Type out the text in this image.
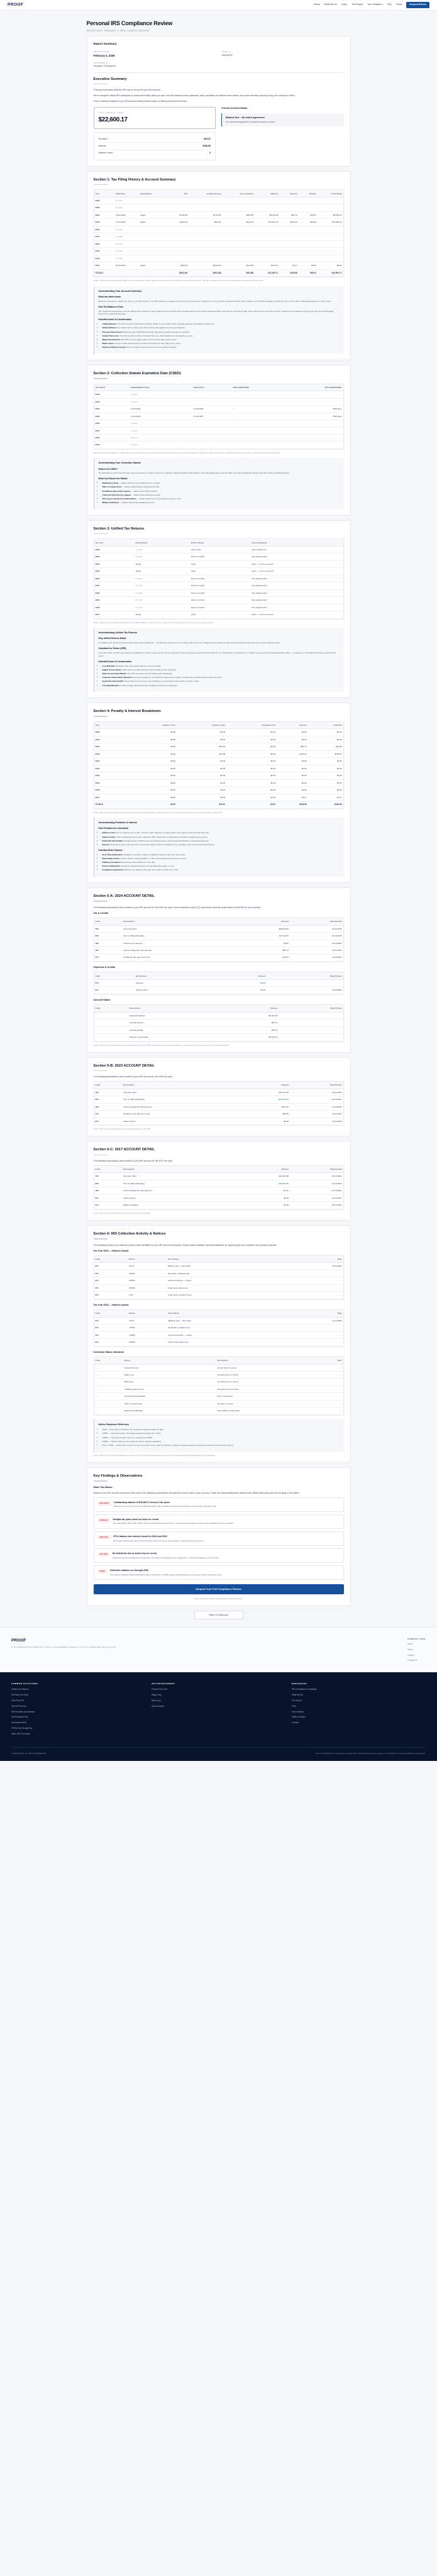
PROOF	About What We Do Learn The Report Your Situation ▾	FAQ Press	Request Review
Personal IRS Compliance Review
REPORT DATE: FEBRUARY 4, 2026 • CASE ID: 05094PDF
Report Summary
REPORT DATE
February 4, 2026
CASE ID
05094PDF
PREPARED BY
Taxpayer Compliance
Executive Summary
This report presents what the IRS has on record for your tax account.
We've analyzed official IRS transcripts to document exactly what you owe, how the balances were assessed, when penalties and interest were added, and what collection actions (if any) are currently in effect.
This is a factual analysis of your IRS account status based solely on official government records.
TOTAL AMOUNT OWED
$22,600.17
Penalties:	$94.02
Interest:	$155.56
Affected Years:	3
Current Account Status
Balance Due – No Active Agreement
No current arrangement or collection status on record.
Section 1: Tax Filing History & Account Summary
Year	Filed Date	Filing Status	AGI	Taxable Income	Tax per Return	Balance	Interest	Penalty	Total Owed
2026	No data								
2025	No data								
2024	12-09-2025	Single	$135,590	$175,231	$28,543	$9,424.05	$53.74	$40.34	$9,518.13
2023	11-04-2025	Single	$118,941	$89,742	$22,914	$12,897.75	$101.82	$53.68	$13,082.18
2022	No data								
2021	No data								
2020	No data								
2019	No data								
2018	No data								
2017	02-15-2021	Single	$89,570	$106,470	$21,253	$751.14	$1.27	$0.00	$0.00
TOTALS			$363,402	$462,188	$80,286	$22,350.17	$155.56	$94.02	$22,600.17
Source: IRS Account Transcripts and Wage & Income Transcripts. Figures reflect amounts posted to your IRS account as of the report date. "No data" indicates no return or transcript activity was located for that tax year.
Understanding Your Account Summary
What this table shows

Each row represents a single tax year on your IRS account. The IRS maintains a separate account for every tax period. A balance in one year does not affect another year's balance, but the IRS will apply refunds from any year to offset outstanding balances in other years.

How Tax Balances Grow

The original tax assessed is only the starting point. Failure-to-pay penalties accrue at 0.5% of the unpaid balance each month (capped at 25%), and interest compounds daily at the federal short-term rate plus 3%. A balance left unpaid for several years can grow substantially beyond the original assessment.

Potential Areas of Consideration
• Unfiled Returns: The IRS may file a Substitute for Return (SFR) on your behalf, which typically assesses the highest possible tax.
• Refund Offsets: Any refund due in a later year will be seized and applied to prior-year balances.
• Passport Restrictions: Balances above $62,000 (indexed) may lead to passport denial or revocation.
• Federal Tax Liens: The IRS may file a Notice of Federal Tax Lien, which attaches to all property you own.
• Wage Garnishment: The IRS can levy wages without a court order after proper notice.
• Bank Levies: Funds in bank accounts can be frozen and seized 21 days after a levy notice.
• Business Bank Accounts: IRS can target business accounts for immediate collection.
Section 2: Collection Statute Expiration Date (CSED)
TAX YEAR	ASSESSMENT DATE	CSED DATE	TIME REMAINING	DAYS REMAINING
2026	No data			
2025	No data			
2024	12-09-2025	12-09-2035	–	3594 days
2023	11-04-2025	11-04-2035	–	3559 days
2022	No data			
2021	No data			
2020	Expired			
2019	No data			
Source: IRS Account Transcripts. CSED dates are computed as ten years from the date of assessment and may be extended (tolled) by bankruptcy, offers in compromise, installment agreement requests, or periods outside the United States.
Understanding Your Collection Statute
What is the CSED?

The IRS has ten years from the date a tax is assessed to collect it. Once the Collection Statute Expiration Date passes, the debt legally expires and the IRS must stop all collection activity and write off the remaining balance.

What Can Extend the Statute
• Bankruptcy filing — statute tolled for the duration plus six months.
• Offer in Compromise — statute tolled while pending plus 30 days.
• Installment agreement request — statute tolled while pending.
• Collection Due Process appeal — statute tolled during the appeal.
• Time spent outside the United States — statute tolled for six consecutive months or more.
• Military deferment — statute tolled during qualifying service.
Section 3: Unfiled Tax Returns
Tax Year	Filing Status	Return Status	Action Required
2026	No data	Not yet due	None at this time
2025	No data	Return not filed	File original return
2024	Single	Filed	None — return on record
2023	Single	Filed	None — return on record
2022	No data	Return not filed	File original return
2021	No data	Return not filed	File original return
2020	No data	Return not filed	File original return
2019	No data	Return not filed	File original return
2018	No data	Return not filed	File original return
2017	Single	Filed	None — return on record
Source: IRS Account and Return Transcripts. A year marked "Return not filed" means no original return has posted to your IRS account for that tax period.
Understanding Unfiled Tax Returns
Why Unfiled Returns Matter

An unfiled return keeps the assessment statute open indefinitely — the IRS can assess tax for an unfiled year at any time. Filing the return starts the three-year assessment clock and the ten-year collection clock.

Substitute for Return (SFR)

If you do not file, the IRS may prepare a Substitute for Return using only the income reported to them by employers and financial institutions. An SFR grants no deductions, no credits, and uses the least favorable filing status — producing a much higher tax than a properly filed return.

Potential Areas of Consideration
• Lost Refunds: Refunds expire three years after the return due date.
• Higher Assessments: SFR returns exclude deductions and credits you are entitled to.
• Open Assessment Statute: The IRS can assess tax for unfiled years indefinitely.
• Collection Alternatives Blocked: You cannot qualify for an installment agreement or offer in compromise until all required returns are filed.
• Social Security Credits: Self-employment income is not credited to your earnings record unless a return is filed.
• Loan Qualification: Lenders require filed returns for mortgage and business financing.
Section 4: Penalty & Interest Breakdown
Year	Failure to File	Failure to Pay	Estimated Tax	Interest	Total P&I
2026	$0.00	$0.00	$0.00	$0.00	$0.00
2025	$0.00	$0.00	$0.00	$0.00	$0.00
2024	$0.00	$40.34	$0.00	$53.74	$94.08
2023	$0.00	$53.68	$0.00	$101.82	$155.50
2022	$0.00	$0.00	$0.00	$0.00	$0.00
2021	$0.00	$0.00	$0.00	$0.00	$0.00
2020	$0.00	$0.00	$0.00	$0.00	$0.00
2019	$0.00	$0.00	$0.00	$0.00	$0.00
2018	$0.00	$0.00	$0.00	$0.00	$0.00
2017	$0.00	$0.00	$0.00	$1.27	$1.27
TOTALS	$0.00	$94.02	$0.00	$155.56	$249.58
Source: IRS Account Transcripts. Penalty and interest amounts reflect transaction codes posted to your account and continue to accrue until the balance is paid in full.
Understanding Penalties & Interest
How Penalties Are Calculated
• Failure to File: 5% of unpaid tax per month, maximum 25%. Minimum penalty applies if the return is more than 60 days late.
• Failure to Pay: 0.5% of unpaid tax per month, maximum 25%. Reduced to 0.25% while an installment agreement is active.
• Estimated Tax Penalty: Charged when insufficient tax was paid during the year through withholding or estimated payments.
• Interest: Federal short-term rate plus 3%, compounded daily. Interest is charged on tax, penalties, and previously accrued interest.
Potential Relief Options
• First-Time Abatement: Available if you have a clean compliance history for the prior three years.
• Reasonable Cause: Serious illness, natural disaster, or other circumstances beyond your control.
• Statutory Exception: Erroneous written advice from the IRS.
• Interest Abatement: Limited to interest caused by unreasonable IRS delay or error.
• Installment Agreement: Reduces the failure-to-pay rate from 0.5% to 0.25% per month.
Section 5-A: 2024 ACCOUNT DETAIL
The following transactions were posted to your IRS account for the 2024 tax year. Each transaction code (TC) represents a specific action taken by the IRS on your account.
Tax & Credits
Code	Description	Amount	Date Posted
150	Tax return filed	$28,543.00	12-09-2025
806	W-2 or 1099 withholding	-$19,118.95	04-15-2025
766	Credit to your account	-$0.00	04-15-2025
196	Interest charged for late payment	$53.74	12-29-2025
276	Penalty for late payment of tax	$40.34	12-29-2025
Payments & Credits
Code	Description	Amount	Date Posted
670	Payment	-$0.00	—
971	Notice issued	$0.00	12-29-2025
Account Status
Code	Description	Amount	Date Posted
	Assessed balance	$9,424.05	
	Accrued interest	$53.74	
	Accrued penalty	$40.34	
	Total as of report date	$9,518.13	
Source: IRS Account Transcript for tax period ending December 31, 2024. Transaction codes and posting dates are reproduced exactly as they appear on the official transcript.
Section 5-B: 2023 ACCOUNT DETAIL
The following transactions were posted to your IRS account for the 2023 tax year.
Code	Description	Amount	Date Posted
150	Tax return filed	$22,914.00	11-04-2025
806	W-2 or 1099 withholding	-$10,016.25	04-15-2024
196	Interest charged for late payment	$101.82	11-24-2025
276	Penalty for late payment of tax	$53.68	11-24-2025
971	Notice issued	$0.00	11-24-2025
Source: IRS Account Transcript for tax period ending December 31, 2023.
Section 5-C: 2017 ACCOUNT DETAIL
The following transactions were posted to your IRS account for the 2017 tax year.
Code	Description	Amount	Date Posted
150	Tax return filed	$21,253.00	02-15-2021
806	W-2 or 1099 withholding	-$20,501.86	04-15-2018
196	Interest charged for late payment	$1.27	03-15-2021
971	Notice issued	$0.00	03-15-2021
971	Balance satisfied	$0.00	05-10-2021
Source: IRS Account Transcript for tax period ending December 31, 2017.
Section 6: IRS Collection Activity & Notices
The following notices and collection actions were identified on your IRS account transcripts. Notice dates establish important deadlines for appeal rights and collection due process requests.
Tax Year 2024 — Notices Issued
Code	Notice	Description	Date
971	CP14	Balance due — first notice	12-29-2025
971	CP501	Reminder of balance due	—
971	CP503	Second reminder — urgent	—
971	CP504	Final notice before levy	—
971	LT11	Final notice of intent to levy	—
Tax Year 2023 — Notices Issued
Code	Notice	Description	Date
971	CP14	Balance due — first notice	11-24-2025
971	CP501	Reminder of balance due	—
971	CP503	Second reminder — urgent	—
971	CP504	Final notice before levy	—
Collection Status Indicators
Code	Notice	Description	Date
—	Federal Tax Lien	No lien filed on record	—
—	Wage Levy	No active levy on record	—
—	Bank Levy	No active levy on record	—
—	Installment Agreement	No agreement on record	—
—	Currently Not Collectible	Not in CNC status	—
—	Offer in Compromise	No offer on record	—
—	Passport Certification	Not certified to State Dept.	—
Notice Sequence Reference
• CP14 — First notice of balance due. Payment requested within 21 days.
• CP501 — Reminder notice. Sent approximately 5 weeks after CP14.
• CP503 — Second reminder. Sent if no response to CP501.
• CP504 — Notice of intent to levy state tax refund. Serious escalation.
• LT11 / L1058 — Final notice of intent to levy and notice of your right to a hearing. Triggers a 30-day window to request a Collection Due Process hearing.
Source: IRS Account Transcripts. Absence of a notice from this list does not guarantee it was not issued; transcripts may lag actual mailing by several weeks.
Key Findings & Observations
What This Means
Based on the IRS records reviewed for this report, the following observations describe the current state of your account. These are factual statements derived from official transcripts and are not legal or tax advice.
BALANCE	Outstanding balance of $22,600.17 across 3 tax years
Balances are posted for tax years 2024 and 2023, with penalties and interest continuing to accrue daily until paid in full.
UNFILED	Multiple tax years show no return on record
Tax years 2025, 2022, 2021, 2020, 2019, and 2018 show no filed return. The assessment statute remains open indefinitely for these periods.
NOTICES	CP14 balance-due notices issued for 2024 and 2023
First-notice letters have been issued. No final notice of intent to levy appears on the transcript at this time.
NO LIEN	No federal tax lien or active levy on record
Collection has not escalated to enforcement. No Notice of Federal Tax Lien, wage levy, or bank levy appears on the account.
CSED	Collection statutes run through 2035
The earliest Collection Statute Expiration Date is November 4, 2035, leaving substantial time on the government's collection clock.
Request Your Full Compliance Review
Figures are based on IRS transcript data as of the report date.
Return to Dashboard
PROOF
A TAX RESOLUTION COMPANY IS NOT A GOVERNMENT AGENCY. NOT ALL TAXPAYERS WILL QUALIFY.
COMPANY INFO
About
Terms
Privacy
Contact Us
COMMON SITUATIONS
Unfiled Tax Returns
IRS Back Tax Debt
Can't Pay IRS
Owe IRS Money
IRS Penalties and Interest
Self-Employed Tax
Unreported Debt
CP504 Tax Penalty Pay
Other IRS Tax Notice
IRS ENFORCEMENT
Federal Tax Liens
Wage Levy
Bank Levy
Asset Seizure
RESOURCES
IRS Compliance Knowledge
What We Do
The Report
FAQ
How It Works
What to Expect
Contact
© 2026 PROOF. ALL RIGHTS RESERVED.	This is an advertisement. Results are not guaranteed. Individual results will vary based on circumstances. Consult a qualified tax professional.
